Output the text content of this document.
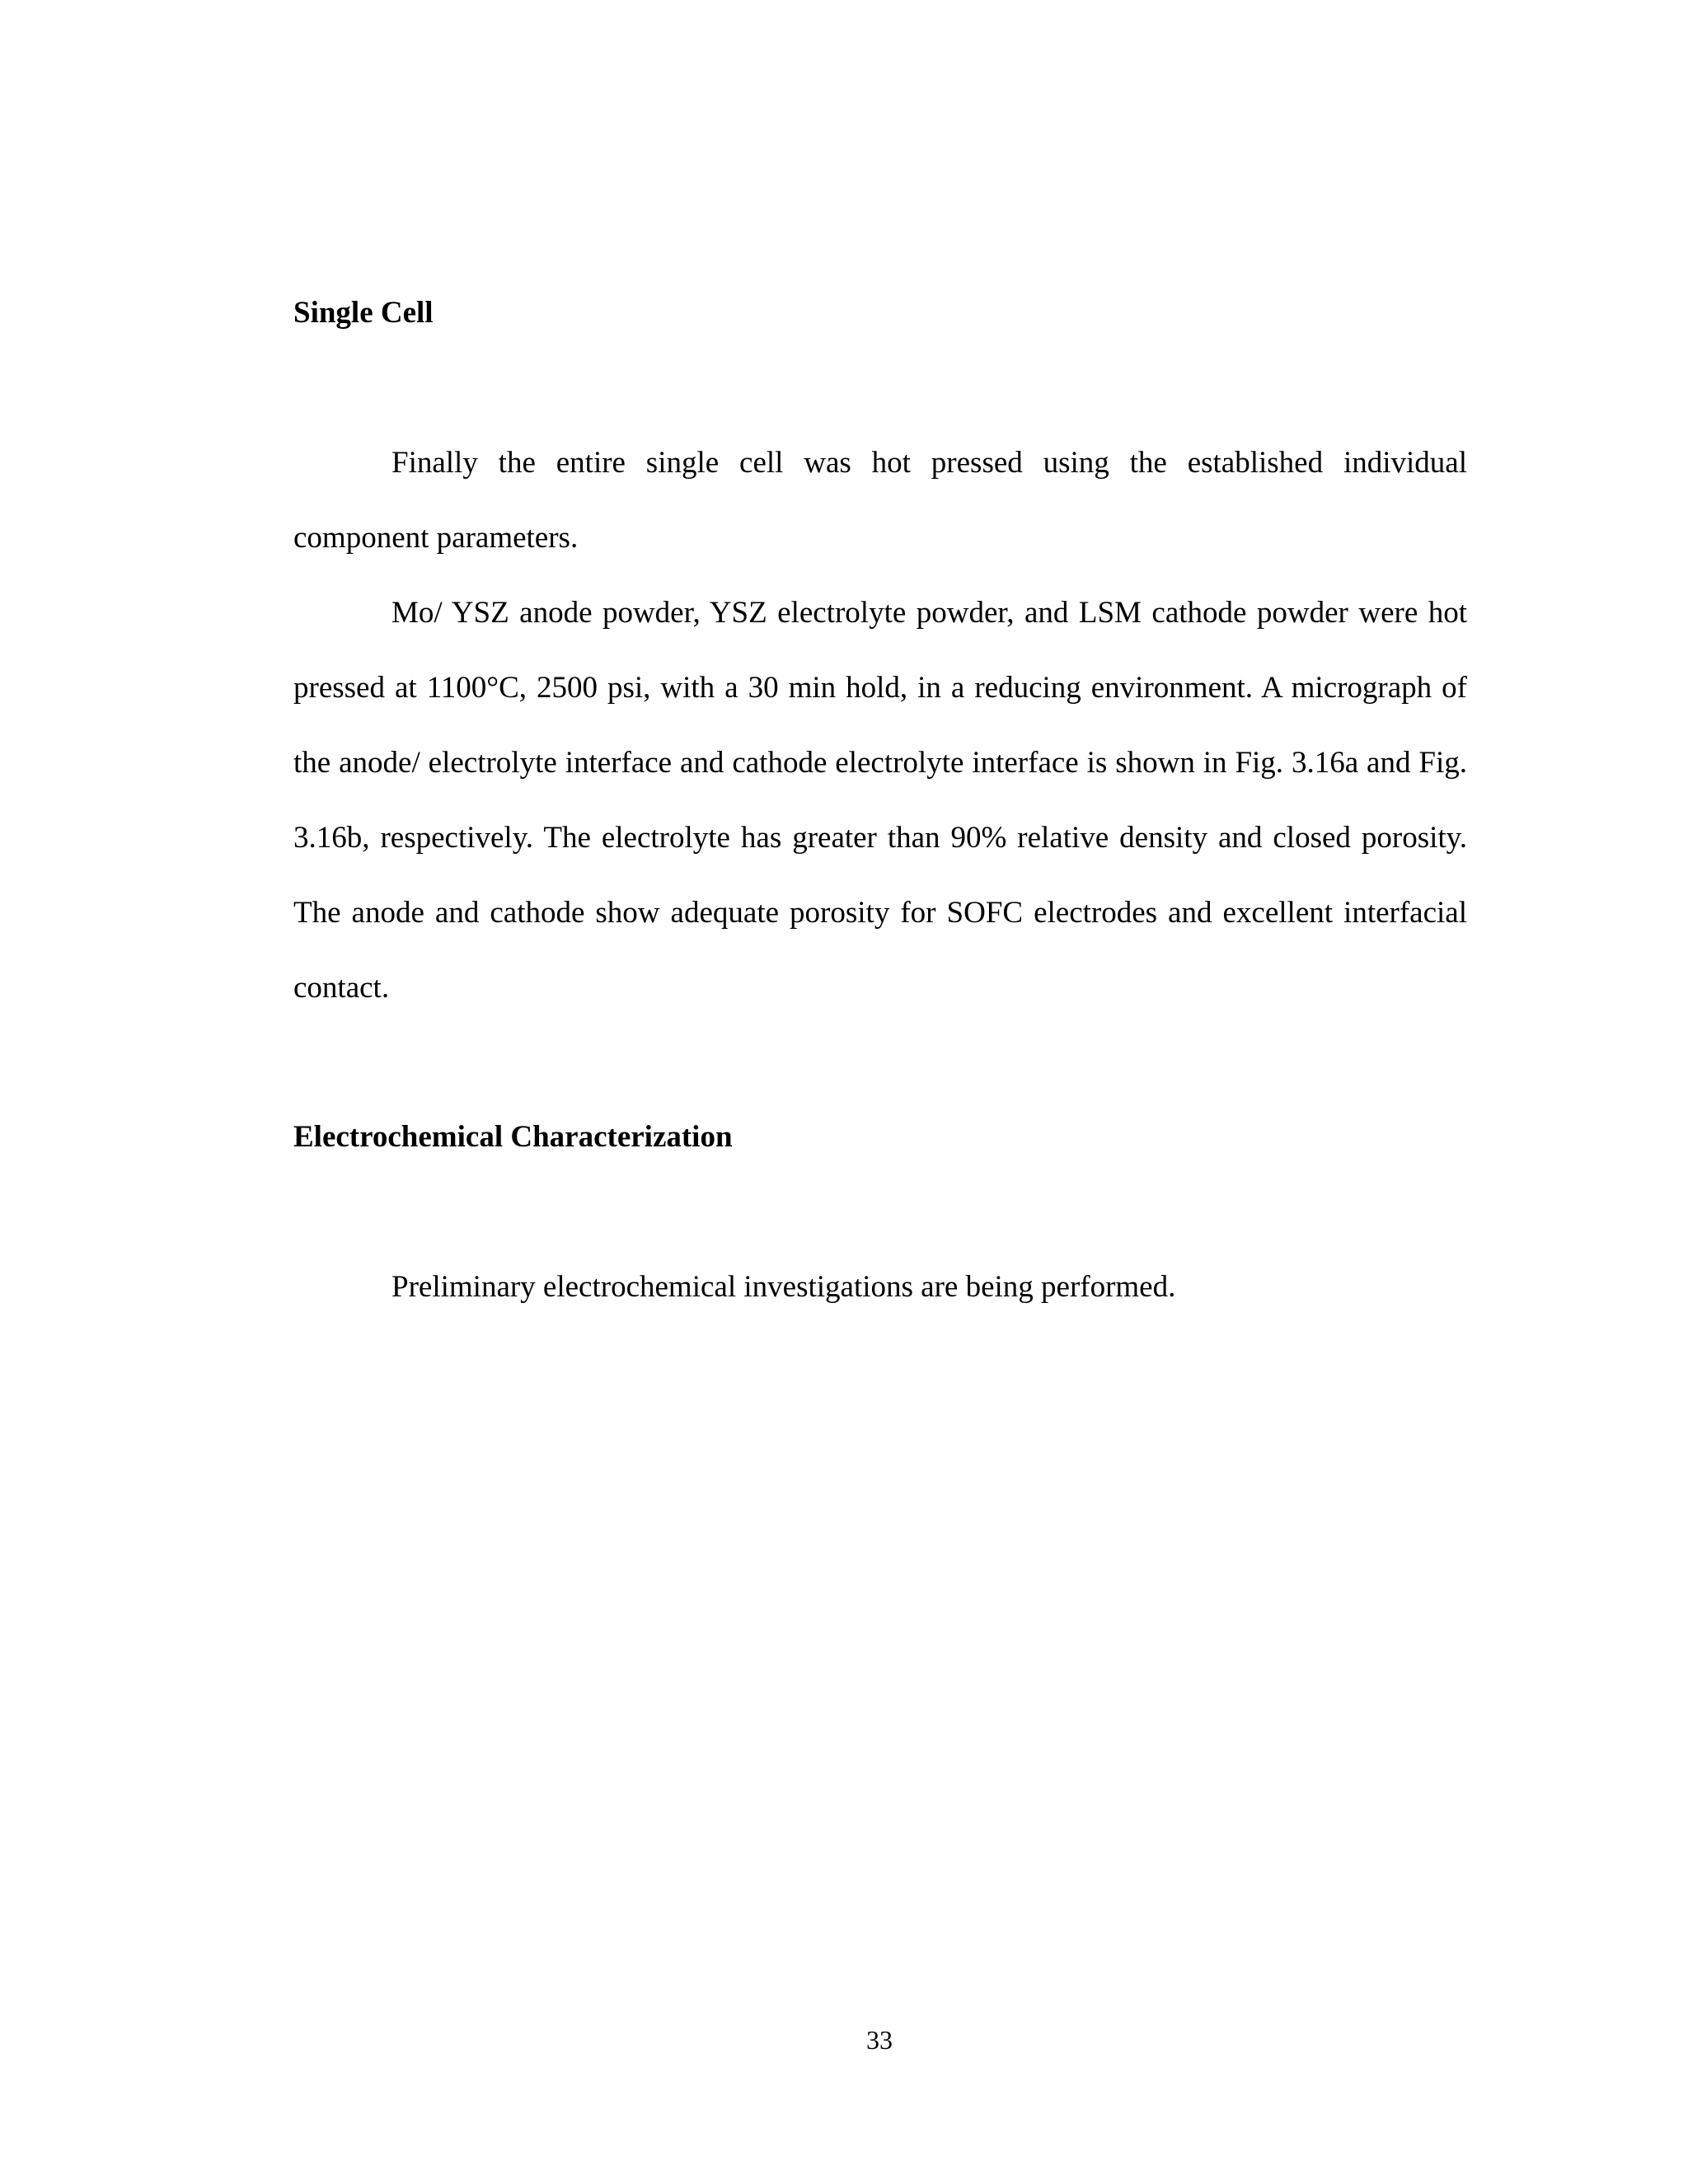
Single Cell

Finally the entire single cell was hot pressed using the established individual component parameters.

Mo/ YSZ anode powder, YSZ electrolyte powder, and LSM cathode powder were hot pressed at 1100°C, 2500 psi, with a 30 min hold, in a reducing environment. A micrograph of the anode/ electrolyte interface and cathode electrolyte interface is shown in Fig. 3.16a and Fig. 3.16b, respectively. The electrolyte has greater than 90% relative density and closed porosity. The anode and cathode show adequate porosity for SOFC electrodes and excellent interfacial contact.

Electrochemical Characterization

Preliminary electrochemical investigations are being performed.

33
